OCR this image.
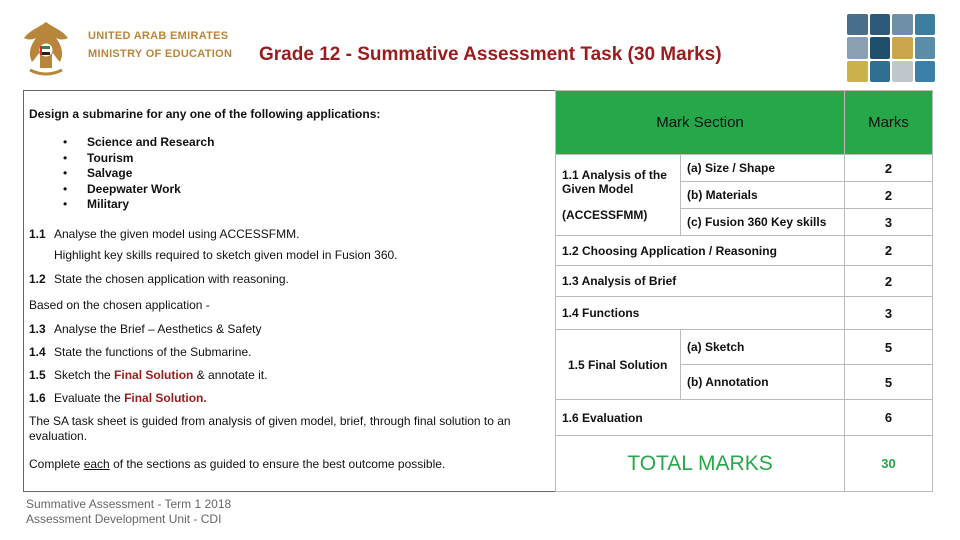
UNITED ARAB EMIRATES
MINISTRY OF EDUCATION Grade 12 - Summative Assessment Task (30 Marks)
Design a submarine for any one of the following applications:
• Science and Research
• Tourism
• Salvage
• Deepwater Work
• Military
1.1 Analyse the given model using ACCESSFMM.
Highlight key skills required to sketch given model in Fusion 360.
1.2 State the chosen application with reasoning.
Based on the chosen application -
1.3 Analyse the Brief – Aesthetics & Safety
1.4 State the functions of the Submarine.
1.5 Sketch the Final Solution & annotate it.
1.6 Evaluate the Final Solution.
The SA task sheet is guided from analysis of given model, brief, through final solution to an evaluation.
Complete each of the sections as guided to ensure the best outcome possible.
Mark Section		Marks

1.1 Analysis of the Given Model
(ACCESSFMM)	(a) Size / Shape	2
	(b) Materials	2
	(c) Fusion 360 Key skills	3
1.2 Choosing Application / Reasoning		2
1.3 Analysis of Brief		2
1.4 Functions		3
1.5 Final Solution	(a) Sketch	5
	(b) Annotation	5
1.6 Evaluation		6
TOTAL MARKS		30
Summative Assessment - Term 1 2018
Assessment Development Unit - CDI
